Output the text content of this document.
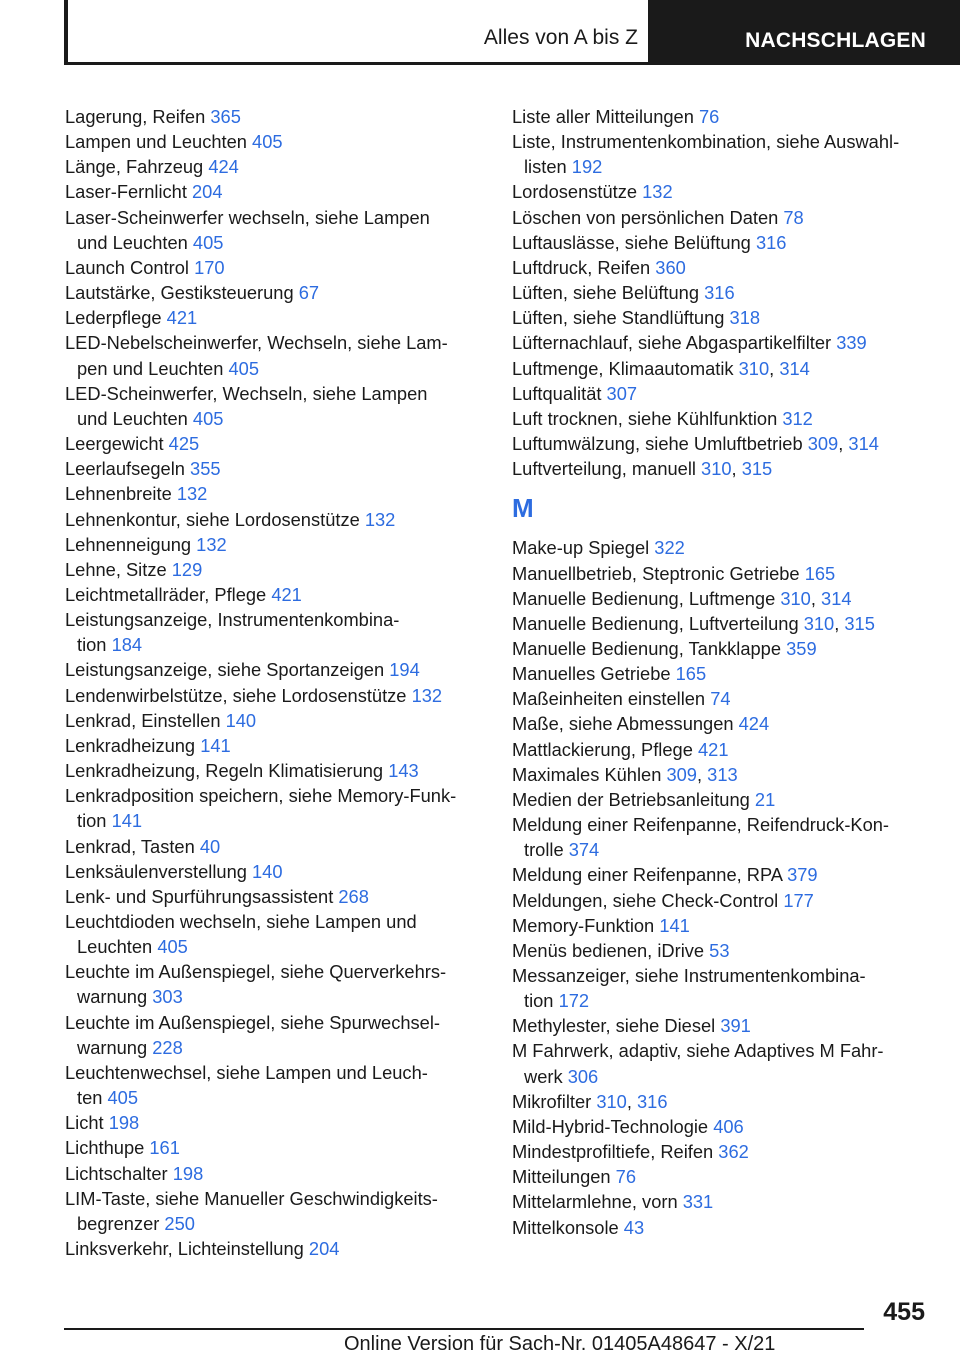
Alles von A bis Z	NACHSCHLAGEN
Lagerung, Reifen 365
Lampen und Leuchten 405
Länge, Fahrzeug 424
Laser-Fernlicht 204
Laser-Scheinwerfer wechseln, siehe Lampen
und Leuchten 405
Launch Control 170
Lautstärke, Gestiksteuerung 67
Lederpflege 421
LED-Nebelscheinwerfer, Wechseln, siehe Lam-
pen und Leuchten 405
LED-Scheinwerfer, Wechseln, siehe Lampen
und Leuchten 405
Leergewicht 425
Leerlaufsegeln 355
Lehnenbreite 132
Lehnenkontur, siehe Lordosenstütze 132
Lehnenneigung 132
Lehne, Sitze 129
Leichtmetallräder, Pflege 421
Leistungsanzeige, Instrumentenkombina-
tion 184
Leistungsanzeige, siehe Sportanzeigen 194
Lendenwirbelstütze, siehe Lordosenstütze 132
Lenkrad, Einstellen 140
Lenkradheizung 141
Lenkradheizung, Regeln Klimatisierung 143
Lenkradposition speichern, siehe Memory-Funk-
tion 141
Lenkrad, Tasten 40
Lenksäulenverstellung 140
Lenk- und Spurführungsassistent 268
Leuchtdioden wechseln, siehe Lampen und
Leuchten 405
Leuchte im Außenspiegel, siehe Querverkehrs-
warnung 303
Leuchte im Außenspiegel, siehe Spurwechsel-
warnung 228
Leuchtenwechsel, siehe Lampen und Leuch-
ten 405
Licht 198
Lichthupe 161
Lichtschalter 198
LIM-Taste, siehe Manueller Geschwindigkeits-
begrenzer 250
Linksverkehr, Lichteinstellung 204
Liste aller Mitteilungen 76
Liste, Instrumentenkombination, siehe Auswahl-
listen 192
Lordosenstütze 132
Löschen von persönlichen Daten 78
Luftauslässe, siehe Belüftung 316
Luftdruck, Reifen 360
Lüften, siehe Belüftung 316
Lüften, siehe Standlüftung 318
Lüfternachlauf, siehe Abgaspartikelfilter 339
Luftmenge, Klimaautomatik 310, 314
Luftqualität 307
Luft trocknen, siehe Kühlfunktion 312
Luftumwälzung, siehe Umluftbetrieb 309, 314
Luftverteilung, manuell 310, 315
M
Make-up Spiegel 322
Manuellbetrieb, Steptronic Getriebe 165
Manuelle Bedienung, Luftmenge 310, 314
Manuelle Bedienung, Luftverteilung 310, 315
Manuelle Bedienung, Tankklappe 359
Manuelles Getriebe 165
Maßeinheiten einstellen 74
Maße, siehe Abmessungen 424
Mattlackierung, Pflege 421
Maximales Kühlen 309, 313
Medien der Betriebsanleitung 21
Meldung einer Reifenpanne, Reifendruck-Kon-
trolle 374
Meldung einer Reifenpanne, RPA 379
Meldungen, siehe Check-Control 177
Memory-Funktion 141
Menüs bedienen, iDrive 53
Messanzeiger, siehe Instrumentenkombina-
tion 172
Methylester, siehe Diesel 391
M Fahrwerk, adaptiv, siehe Adaptives M Fahr-
werk 306
Mikrofilter 310, 316
Mild-Hybrid-Technologie 406
Mindestprofiltiefe, Reifen 362
Mitteilungen 76
Mittelarmlehne, vorn 331
Mittelkonsole 43
455
Online Version für Sach-Nr. 01405A48647 - X/21
